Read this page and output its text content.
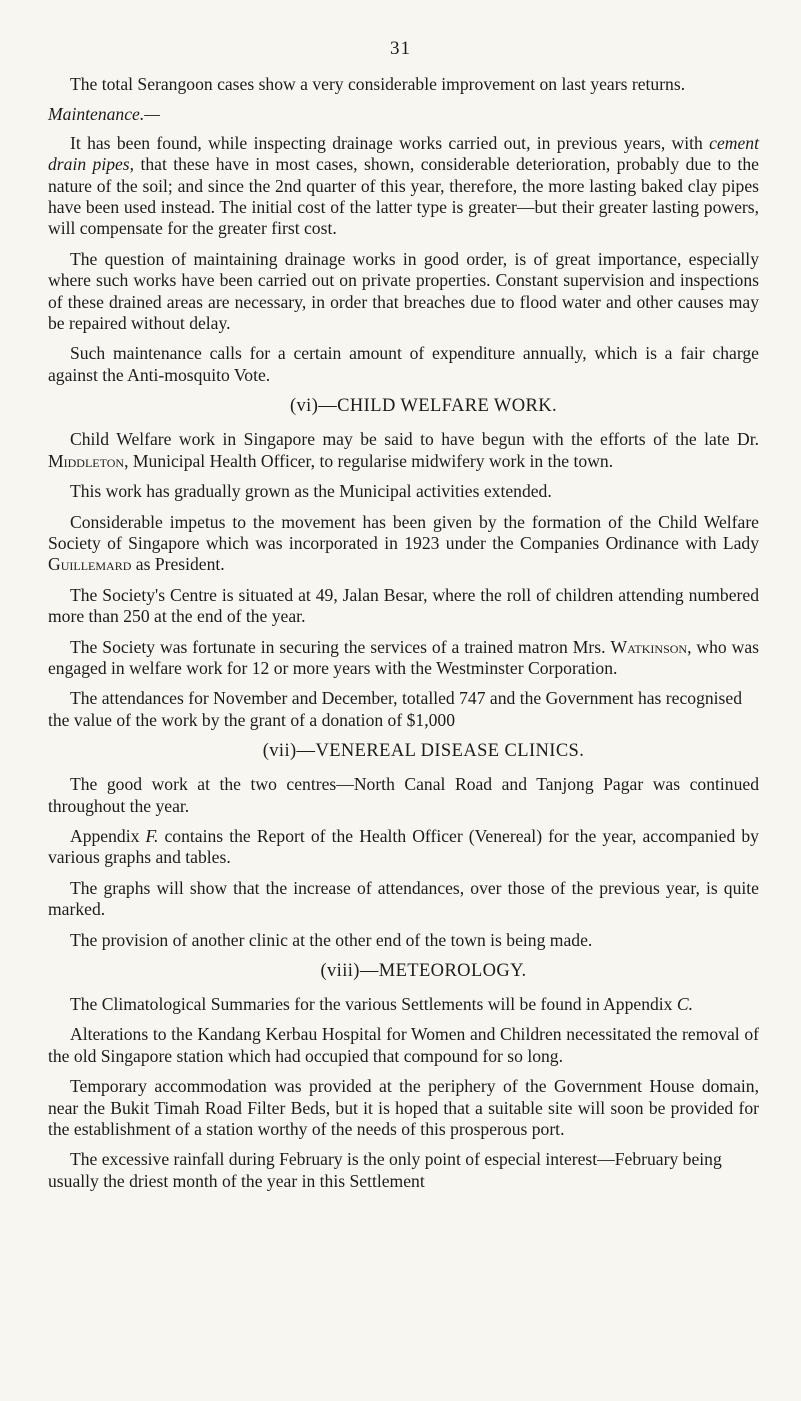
31

The total Serangoon cases show a very considerable improvement on last years returns.

Maintenance.—

It has been found, while inspecting drainage works carried out, in previous years, with cement drain pipes, that these have in most cases, shown, considerable deterioration, probably due to the nature of the soil; and since the 2nd quarter of this year, therefore, the more lasting baked clay pipes have been used instead. The initial cost of the latter type is greater—but their greater lasting powers, will compensate for the greater first cost.

The question of maintaining drainage works in good order, is of great importance, especially where such works have been carried out on private properties. Constant supervision and inspections of these drained areas are necessary, in order that breaches due to flood water and other causes may be repaired without delay.

Such maintenance calls for a certain amount of expenditure annually, which is a fair charge against the Anti-mosquito Vote.

(vi)—CHILD WELFARE WORK.

Child Welfare work in Singapore may be said to have begun with the efforts of the late Dr. Middleton, Municipal Health Officer, to regularise midwifery work in the town.

This work has gradually grown as the Municipal activities extended.

Considerable impetus to the movement has been given by the formation of the Child Welfare Society of Singapore which was incorporated in 1923 under the Companies Ordinance with Lady Guillemard as President.

The Society's Centre is situated at 49, Jalan Besar, where the roll of children attending numbered more than 250 at the end of the year.

The Society was fortunate in securing the services of a trained matron Mrs. Watkinson, who was engaged in welfare work for 12 or more years with the Westminster Corporation.

The attendances for November and December, totalled 747 and the Government has recognised the value of the work by the grant of a donation of $1,000

(vii)—VENEREAL DISEASE CLINICS.

The good work at the two centres—North Canal Road and Tanjong Pagar was continued throughout the year.

Appendix F. contains the Report of the Health Officer (Venereal) for the year, accompanied by various graphs and tables.

The graphs will show that the increase of attendances, over those of the previous year, is quite marked.

The provision of another clinic at the other end of the town is being made.

(viii)—METEOROLOGY.

The Climatological Summaries for the various Settlements will be found in Appendix C.

Alterations to the Kandang Kerbau Hospital for Women and Children necessitated the removal of the old Singapore station which had occupied that compound for so long.

Temporary accommodation was provided at the periphery of the Government House domain, near the Bukit Timah Road Filter Beds, but it is hoped that a suitable site will soon be provided for the establishment of a station worthy of the needs of this prosperous port.

The excessive rainfall during February is the only point of especial interest—February being usually the driest month of the year in this Settlement
